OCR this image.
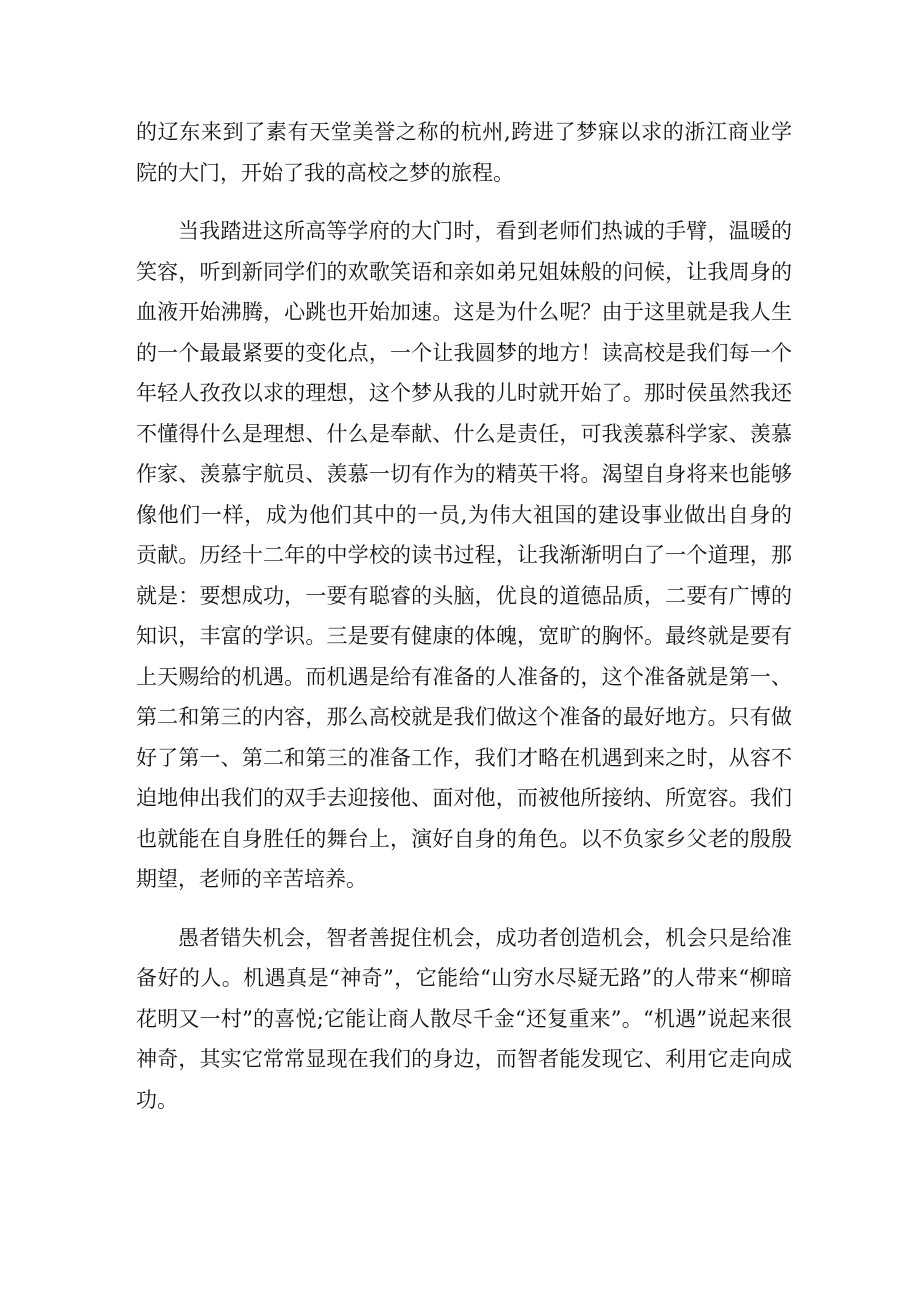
的辽东来到了素有天堂美誉之称的杭州,跨进了梦寐以求的浙江商业学院的大门，开始了我的高校之梦的旅程。

当我踏进这所高等学府的大门时，看到老师们热诚的手臂，温暖的笑容，听到新同学们的欢歌笑语和亲如弟兄姐妹般的问候，让我周身的血液开始沸腾，心跳也开始加速。这是为什么呢？由于这里就是我人生的一个最最紧要的变化点，一个让我圆梦的地方！读高校是我们每一个年轻人孜孜以求的理想，这个梦从我的儿时就开始了。那时侯虽然我还不懂得什么是理想、什么是奉献、什么是责任，可我羡慕科学家、羡慕作家、羡慕宇航员、羡慕一切有作为的精英干将。渴望自身将来也能够像他们一样，成为他们其中的一员,为伟大祖国的建设事业做出自身的贡献。历经十二年的中学校的读书过程，让我渐渐明白了一个道理，那就是：要想成功，一要有聪睿的头脑，优良的道德品质，二要有广博的知识，丰富的学识。三是要有健康的体魄，宽旷的胸怀。最终就是要有上天赐给的机遇。而机遇是给有准备的人准备的，这个准备就是第一、第二和第三的内容，那么高校就是我们做这个准备的最好地方。只有做好了第一、第二和第三的准备工作，我们才略在机遇到来之时，从容不迫地伸出我们的双手去迎接他、面对他，而被他所接纳、所宽容。我们也就能在自身胜任的舞台上，演好自身的角色。以不负家乡父老的殷殷期望，老师的辛苦培养。

愚者错失机会，智者善捉住机会，成功者创造机会，机会只是给准备好的人。机遇真是“神奇”，它能给“山穷水尽疑无路”的人带来“柳暗花明又一村”的喜悦;它能让商人散尽千金“还复重来”。“机遇”说起来很神奇，其实它常常显现在我们的身边，而智者能发现它、利用它走向成功。
